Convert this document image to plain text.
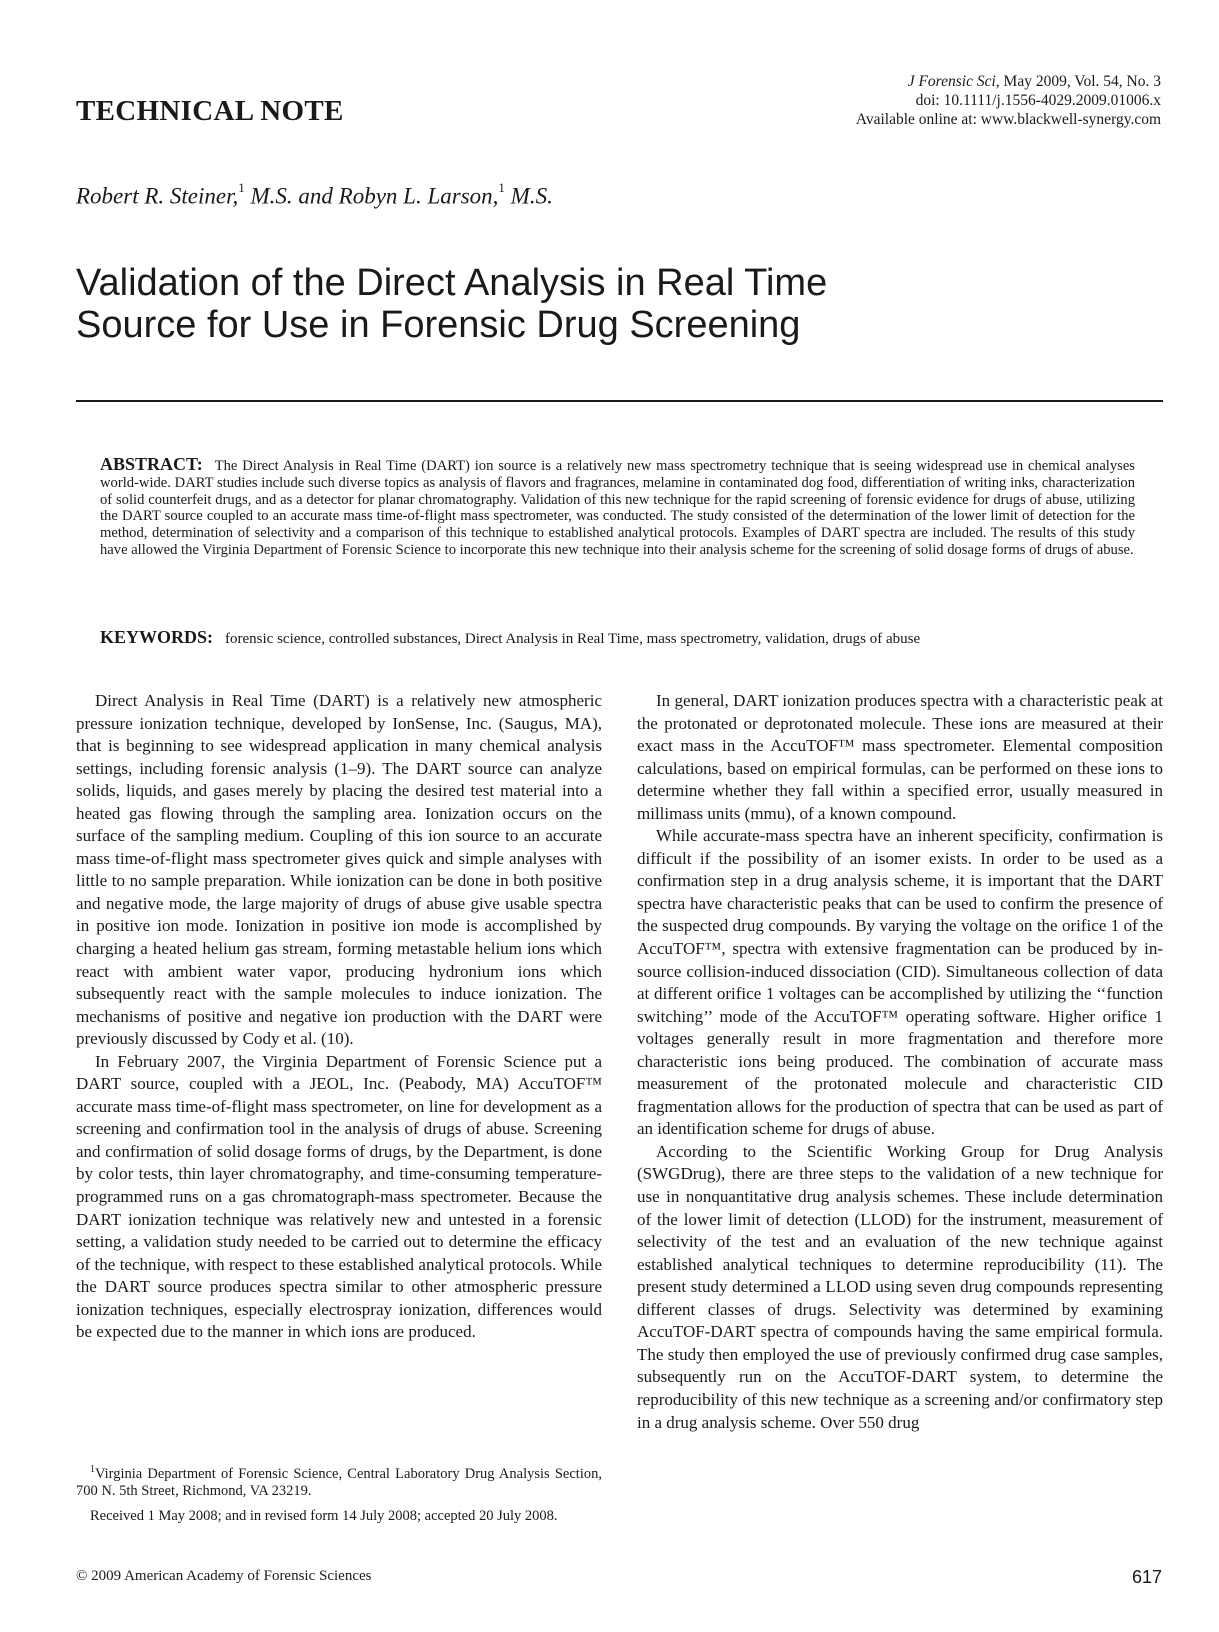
TECHNICAL NOTE
J Forensic Sci, May 2009, Vol. 54, No. 3
doi: 10.1111/j.1556-4029.2009.01006.x
Available online at: www.blackwell-synergy.com
Robert R. Steiner,$^1$ M.S. and Robyn L. Larson,$^1$ M.S.
Validation of the Direct Analysis in Real Time
Source for Use in Forensic Drug Screening

ABSTRACT: The Direct Analysis in Real Time (DART) ion source is a relatively new mass spectrometry technique that is seeing widespread use in chemical analyses world-wide. DART studies include such diverse topics as analysis of flavors and fragrances, melamine in contaminated dog food, differentiation of writing inks, characterization of solid counterfeit drugs, and as a detector for planar chromatography. Validation of this new technique for the rapid screening of forensic evidence for drugs of abuse, utilizing the DART source coupled to an accurate mass time-of-flight mass spectrometer, was conducted. The study consisted of the determination of the lower limit of detection for the method, determination of selectivity and a comparison of this technique to established analytical protocols. Examples of DART spectra are included. The results of this study have allowed the Virginia Department of Forensic Science to incorporate this new technique into their analysis scheme for the screening of solid dosage forms of drugs of abuse.

KEYWORDS: forensic science, controlled substances, Direct Analysis in Real Time, mass spectrometry, validation, drugs of abuse

Direct Analysis in Real Time (DART) is a relatively new atmospheric pressure ionization technique, developed by IonSense, Inc. (Saugus, MA), that is beginning to see widespread application in many chemical analysis settings, including forensic analysis (1–9). The DART source can analyze solids, liquids, and gases merely by placing the desired test material into a heated gas flowing through the sampling area. Ionization occurs on the surface of the sampling medium. Coupling of this ion source to an accurate mass time-of-flight mass spectrometer gives quick and simple analyses with little to no sample preparation. While ionization can be done in both positive and negative mode, the large majority of drugs of abuse give usable spectra in positive ion mode. Ionization in positive ion mode is accomplished by charging a heated helium gas stream, forming metastable helium ions which react with ambient water vapor, producing hydronium ions which subsequently react with the sample molecules to induce ionization. The mechanisms of positive and negative ion production with the DART were previously discussed by Cody et al. (10).

In February 2007, the Virginia Department of Forensic Science put a DART source, coupled with a JEOL, Inc. (Peabody, MA) AccuTOF™ accurate mass time-of-flight mass spectrometer, on line for development as a screening and confirmation tool in the analysis of drugs of abuse. Screening and confirmation of solid dosage forms of drugs, by the Department, is done by color tests, thin layer chromatography, and time-consuming temperature-programmed runs on a gas chromatograph-mass spectrometer. Because the DART ionization technique was relatively new and untested in a forensic setting, a validation study needed to be carried out to determine the efficacy of the technique, with respect to these established analytical protocols. While the DART source produces spectra similar to other atmospheric pressure ionization techniques, especially electrospray ionization, differences would be expected due to the manner in which ions are produced.

In general, DART ionization produces spectra with a characteristic peak at the protonated or deprotonated molecule. These ions are measured at their exact mass in the AccuTOF™ mass spectrometer. Elemental composition calculations, based on empirical formulas, can be performed on these ions to determine whether they fall within a specified error, usually measured in millimass units (mmu), of a known compound.

While accurate-mass spectra have an inherent specificity, confirmation is difficult if the possibility of an isomer exists. In order to be used as a confirmation step in a drug analysis scheme, it is important that the DART spectra have characteristic peaks that can be used to confirm the presence of the suspected drug compounds. By varying the voltage on the orifice 1 of the AccuTOF™, spectra with extensive fragmentation can be produced by in-source collision-induced dissociation (CID). Simultaneous collection of data at different orifice 1 voltages can be accomplished by utilizing the ‘‘function switching’’ mode of the AccuTOF™ operating software. Higher orifice 1 voltages generally result in more fragmentation and therefore more characteristic ions being produced. The combination of accurate mass measurement of the protonated molecule and characteristic CID fragmentation allows for the production of spectra that can be used as part of an identification scheme for drugs of abuse.

According to the Scientific Working Group for Drug Analysis (SWGDrug), there are three steps to the validation of a new technique for use in nonquantitative drug analysis schemes. These include determination of the lower limit of detection (LLOD) for the instrument, measurement of selectivity of the test and an evaluation of the new technique against established analytical techniques to determine reproducibility (11). The present study determined a LLOD using seven drug compounds representing different classes of drugs. Selectivity was determined by examining AccuTOF-DART spectra of compounds having the same empirical formula. The study then employed the use of previously confirmed drug case samples, subsequently run on the AccuTOF-DART system, to determine the reproducibility of this new technique as a screening and/or confirmatory step in a drug analysis scheme. Over 550 drug

$^1$Virginia Department of Forensic Science, Central Laboratory Drug Analysis Section, 700 N. 5th Street, Richmond, VA 23219.

Received 1 May 2008; and in revised form 14 July 2008; accepted 20 July 2008.

© 2009 American Academy of Forensic Sciences	617
